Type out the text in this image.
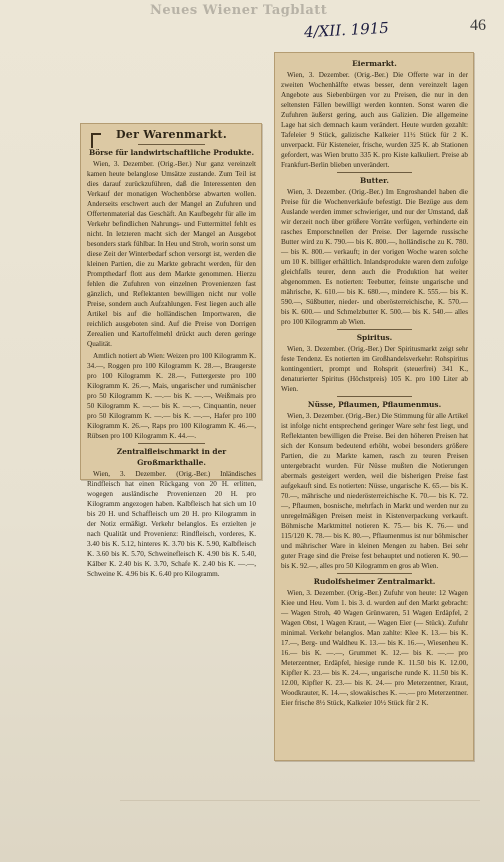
Neues Wiener Tagblatt
4/XII. 1915	46
Der Warenmarkt.
Börse für landwirtschaftliche Produkte.

Wien, 3. Dezember. (Orig.-Ber.) Nur ganz vereinzelt kamen heute belanglose Umsätze zustande. Zum Teil ist dies darauf zurückzuführen, daß die Interessenten den Verkauf der monatigen Wochenbörse abwarten wollen. Anderseits erschwert auch der Mangel an Zufuhren und Offertenmaterial das Geschäft. An Kaufbegehr für alle im Verkehr befindlichen Nahrungs- und Futtermittel fehlt es nicht. In letzteren macht sich der Mangel an Ausgebot besonders stark fühlbar. In Heu und Stroh, worin sonst um diese Zeit der Winterbedarf schon versorgt ist, werden die kleinen Partien, die zu Markte gebracht werden, für den Prompthedarf flott aus dem Markte genommen. Hierzu fehlen die Zufuhren von einzelnen Provenienzen fast gänzlich, und Reflektanten bewilligen nicht nur volle Preise, sondern auch Aufzahlungen. Fest liegen auch alle Artikel bis auf die holländischen Importwaren, die reichlich ausgeboten sind. Auf die Preise von Dorrigen Zerealien und Kartoffelmehl drückt auch deren geringe Qualität.

Amtlich notiert ab Wien: Weizen pro 100 Kilogramm K. 34.—, Roggen pro 100 Kilogramm K. 28.—, Braugerste pro 100 Kilogramm K. 28.—, Futtergerste pro 100 Kilogramm K. 26.—, Mais, ungarischer und rumänischer pro 50 Kilogramm K. —.— bis K. —.—, Weißmais pro 50 Kilogramm K. —.— bis K. —.—, Cinquantin, neuer pro 50 Kilogramm K. —.— bis K. —.—, Hafer pro 100 Kilogramm K. 26.—, Raps pro 100 Kilogramm K. 46.—, Rübsen pro 100 Kilogramm K. 44.—.

Zentralfleischmarkt in der Großmarkthalle.

Wien, 3. Dezember. (Orig.-Ber.) Inländisches Rindfleisch hat einen Rückgang von 20 H. erlitten, wogegen ausländische Provenienzen 20 H. pro Kilogramm angezogen haben. Kalbfleisch hat sich um 10 bis 20 H. und Schaffleisch um 20 H. pro Kilogramm in der Notiz ermäßigt. Verkehr belanglos. Es erzielten je nach Qualität und Provenienz: Rindfleisch, vorderes, K. 3.40 bis K. 5.12, hinteres K. 3.70 bis K. 5.90, Kalbfleisch K. 3.60 bis K. 5.70, Schweinefleisch K. 4.90 bis K. 5.40, Kälber K. 2.40 bis K. 3.70, Schafe K. 2.40 bis K. —.—, Schweine K. 4.96 bis K. 6.40 pro Kilogramm.

Eiermarkt.

Wien, 3. Dezember. (Orig.-Ber.) Die Offerte war in der zweiten Wochenhälfte etwas besser, denn vereinzelt lagen Angebote aus Siebenbürgen vor zu Preisen, die nur in den seltensten Fällen bewilligt werden konnten. Sonst waren die Zufuhren äußerst gering, auch aus Galizien. Die allgemeine Lage hat sich demnach kaum verändert. Heute wurden gezahlt: Tafeleier 9 Stück, galizische Kalkeier 11½ Stück für 2 K. unverpackt. Für Kisteneier, frische, wurden 325 K. ab Stationen gefordert, was Wien brutto 335 K. pro Kiste kalkuliert. Preise ab Frankfurt-Berlin blieben unverändert.

Butter.

Wien, 3. Dezember. (Orig.-Ber.) Im Engroshandel haben die Preise für die Wochenverkäufe befestigt. Die Bezüge aus dem Auslande werden immer schwieriger, und nur der Umstand, daß wir derzeit noch über größere Vorräte verfügen, verhinderte ein rasches Emporschnellen der Preise. Der lagernde russische Butter wird zu K. 790.— bis K. 800.—, holländische zu K. 780.— bis K. 800.— verkauft; in der vorigen Woche waren solche um 10 K. billiger erhältlich. Inlandsprodukte waren dem zufolge gleichfalls teurer, denn auch die Produktion hat weiter abgenommen. Es notierten: Teebutter, feinste ungarische und mährische, K. 610.— bis K. 680.—, mindere K. 555.— bis K. 590.—, Süßbutter, nieder- und oberösterreichische, K. 570.— bis K. 600.— und Schmelzbutter K. 500.— bis K. 540.— alles pro 100 Kilogramm ab Wien.

Spiritus.

Wien, 3. Dezember. (Orig.-Ber.) Der Spiritusmarkt zeigt sehr feste Tendenz. Es notierten im Großhandelsverkehr: Rohspiritus kontingentiert, prompt und Rohsprit (steuerfrei) 341 K., denaturierter Spiritus (Höchstpreis) 105 K. pro 100 Liter ab Wien.

Nüsse, Pflaumen, Pflaumenmus.

Wien, 3. Dezember. (Orig.-Ber.) Die Stimmung für alle Artikel ist infolge nicht entsprechend geringer Ware sehr fest liegt, und Reflektanten bewilligen die Preise. Bei den höheren Preisen hat sich der Konsum bedeutend erhöht, wobei besonders größere Partien, die zu Markte kamen, rasch zu teuren Preisen untergebracht wurden. Für Nüsse mußten die Notierungen abermals gesteigert werden, weil die bisherigen Preise fast aufgekauft sind. Es notierten: Nüsse, ungarische K. 65.— bis K. 70.—, mährische und niederösterreichische K. 70.— bis K. 72.—, Pflaumen, bosnische, mehrfach in Markt und werden nur zu unregelmäßigen Preisen meist in Kistenverpackung verkauft. Böhmische Marktmittel notieren K. 75.— bis K. 76.— und 115/120 K. 78.— bis K. 80.—, Pflaumenmus ist nur böhmischer und mährischer Ware in kleinen Mengen zu haben. Bei sehr guter Frage sind die Preise fest behauptet und notieren K. 90.— bis K. 92.—, alles pro 50 Kilogramm en gros ab Wien.

Rudolfsheimer Zentralmarkt.

Wien, 3. Dezember. (Orig.-Ber.) Zufuhr von heute: 12 Wagen Kiee und Heu. Vom 1. bis 3. d. wurden auf den Markt gebracht: — Wagen Stroh, 40 Wagen Grünwaren, 51 Wagen Erdäpfel, 2 Wagen Obst, 1 Wagen Kraut, — Wagen Eier (— Stück). Zufuhr minimal. Verkehr belanglos. Man zahlte: Klee K. 13.— bis K. 17.—, Berg- und Waldheu K. 13.— bis K. 16.—, Wiesenheu K. 16.— bis K. —.—, Grummet K. 12.— bis K. —.— pro Meterzentner, Erdäpfel, hiesige runde K. 11.50 bis K. 12.00, Kipfler K. 23.— bis K. 24.—, ungarische runde K. 11.50 bis K. 12.00, Kipfler K. 23.— bis K. 24.— pro Meterzentner, Kraut, Woodkrauter, K. 14.—, slowakisches K. —.— pro Meterzentner. Eier frische 8½ Stück, Kalkeier 10½ Stück für 2 K.
